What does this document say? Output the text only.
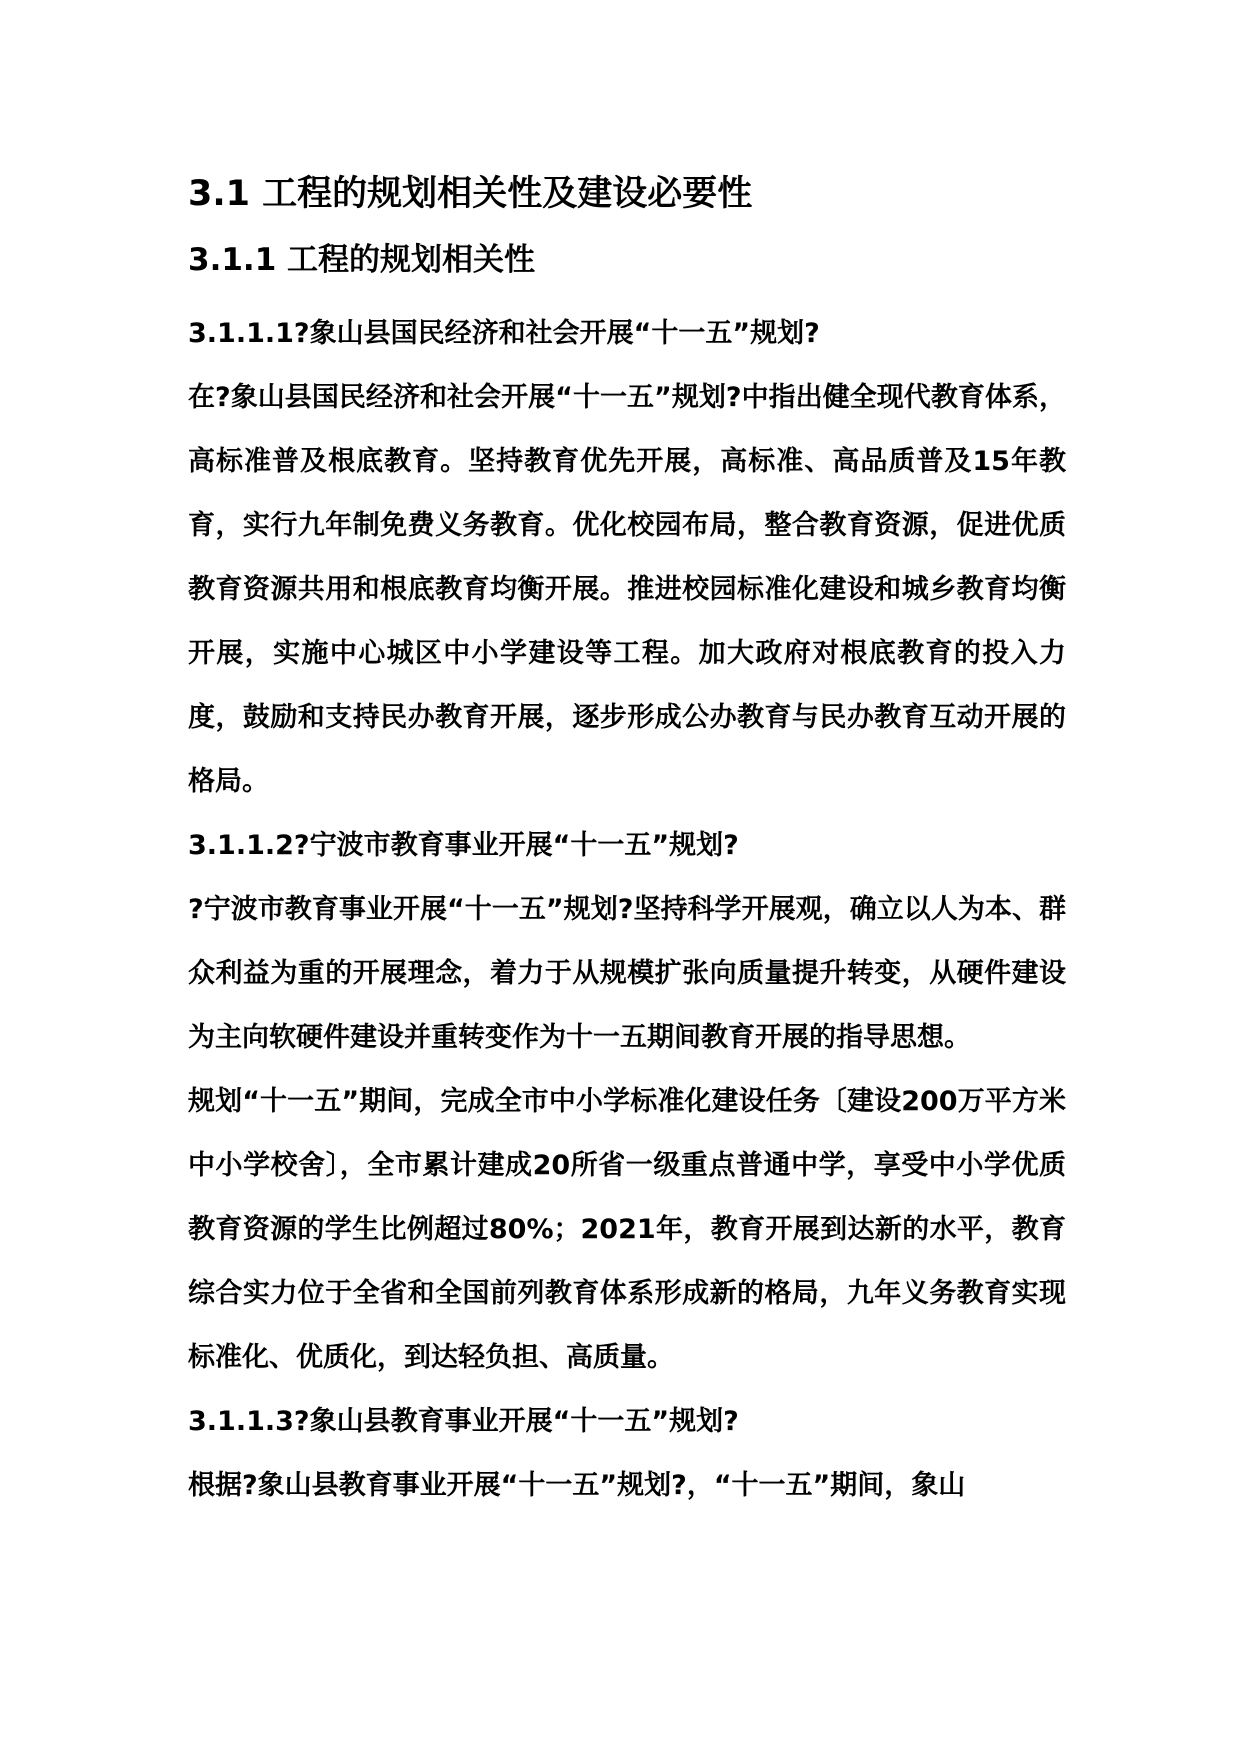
3.1 工程的规划相关性及建设必要性
3.1.1 工程的规划相关性
3.1.1.1?象山县国民经济和社会开展“十一五”规划?

在?象山县国民经济和社会开展“十一五”规划?中指出健全现代教育体系，高标准普及根底教育。坚持教育优先开展，高标准、高品质普及15年教育，实行九年制免费义务教育。优化校园布局，整合教育资源，促进优质教育资源共用和根底教育均衡开展。推进校园标准化建设和城乡教育均衡开展，实施中心城区中小学建设等工程。加大政府对根底教育的投入力度，鼓励和支持民办教育开展，逐步形成公办教育与民办教育互动开展的格局。

3.1.1.2?宁波市教育事业开展“十一五”规划?

?宁波市教育事业开展“十一五”规划?坚持科学开展观，确立以人为本、群众利益为重的开展理念，着力于从规模扩张向质量提升转变，从硬件建设为主向软硬件建设并重转变作为十一五期间教育开展的指导思想。

规划“十一五”期间，完成全市中小学标准化建设任务〔建设200万平方米中小学校舍〕，全市累计建成20所省一级重点普通中学，享受中小学优质教育资源的学生比例超过80%；2021年，教育开展到达新的水平，教育综合实力位于全省和全国前列教育体系形成新的格局，九年义务教育实现标准化、优质化，到达轻负担、高质量。

3.1.1.3?象山县教育事业开展“十一五”规划?

根据?象山县教育事业开展“十一五”规划?，“十一五”期间，象山
